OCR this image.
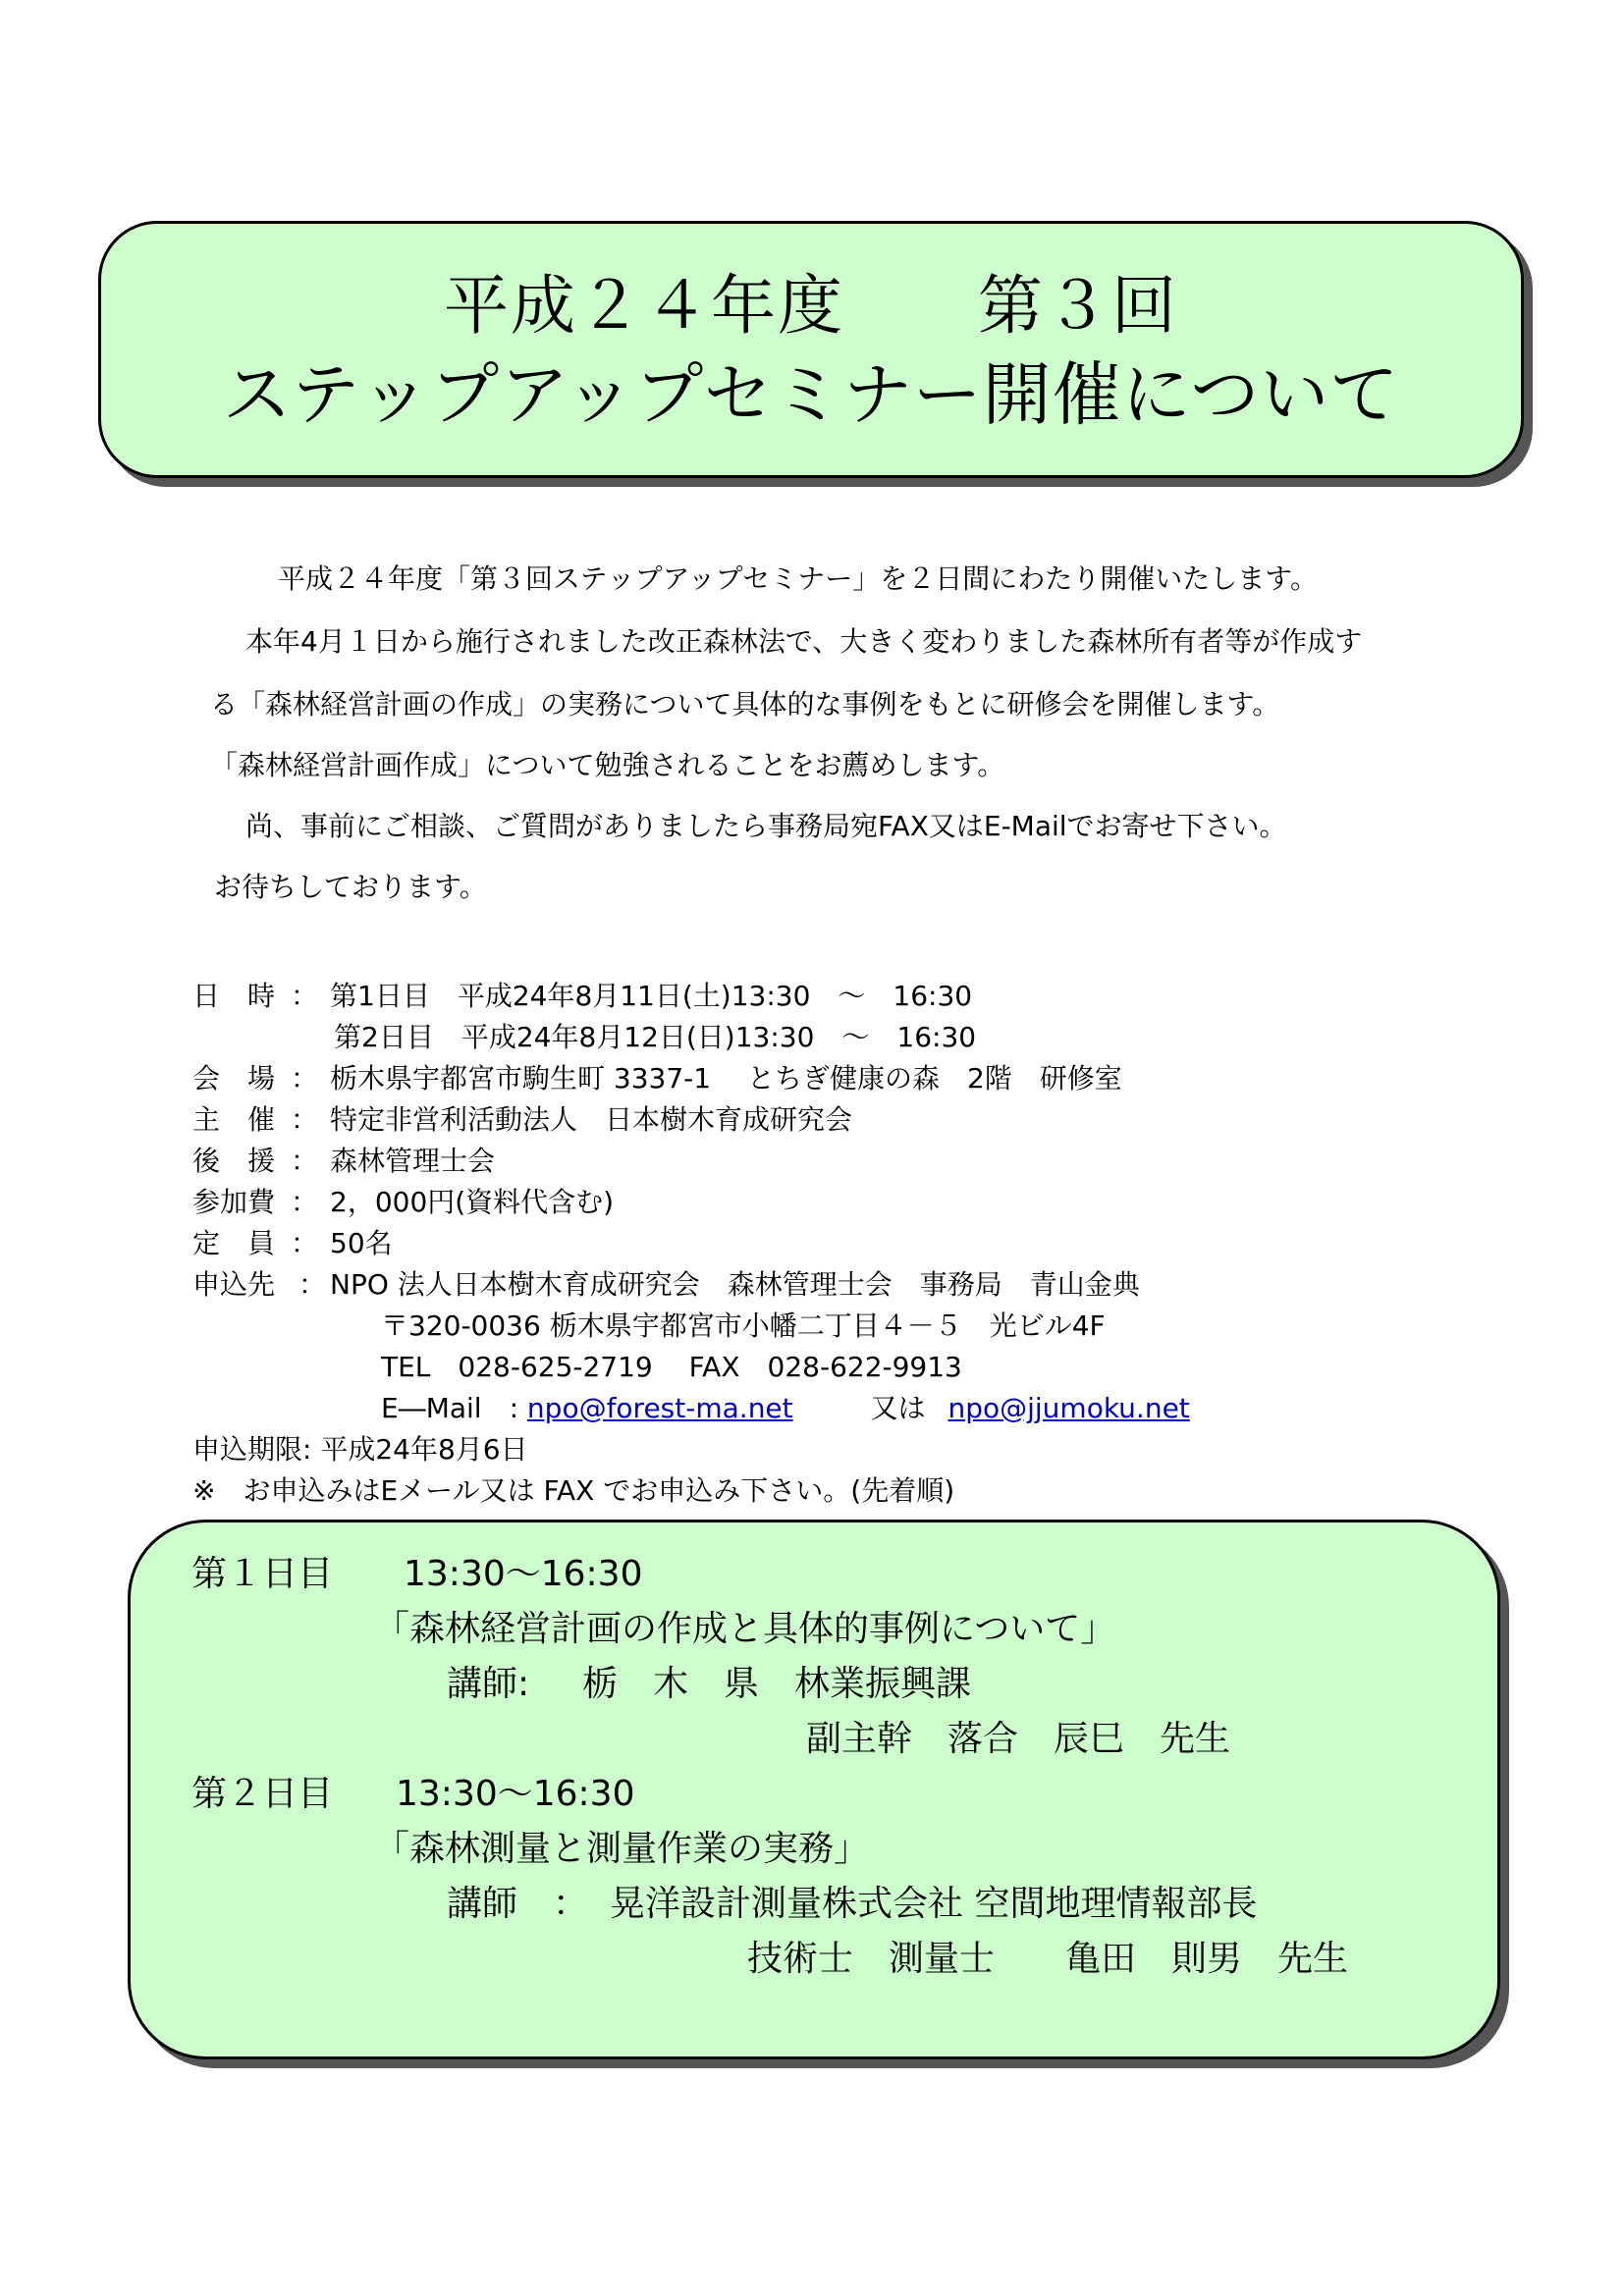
平成２４年度　　第３回
ステップアップセミナー開催について
平成２４年度「第３回ステップアップセミナー」を２日間にわたり開催いたします。
本年4月１日から施行されました改正森林法で、大きく変わりました森林所有者等が作成す
る「森林経営計画の作成」の実務について具体的な事例をもとに研修会を開催します。
「森林経営計画作成」について勉強されることをお薦めします。
尚、事前にご相談、ご質問がありましたら事務局宛FAX又はE-Mailでお寄せ下さい。
お待ちしております。
日　時 ： 第1日目　平成24年8月11日(土)13:30　～　16:30
第2日目　平成24年8月12日(日)13:30　～　16:30
会　場 ： 栃木県宇都宮市駒生町 3337-1　 とちぎ健康の森　2階　研修室
主　催 ： 特定非営利活動法人　日本樹木育成研究会
後　援 ： 森林管理士会
参加費 ： 2，000円(資料代含む)
定　員 ： 50名
申込先 ： NPO 法人日本樹木育成研究会　森林管理士会　事務局　青山金典
〒320-0036 栃木県宇都宮市小幡二丁目４－５　光ビル4F
TEL　028-625-2719　 FAX　028-622-9913
E―Mail　: npo@forest-ma.net	又は npo@jjumoku.net
申込期限: 平成24年8月6日
※　お申込みはEメール又は FAX でお申込み下さい。(先着順)
第１日目 13:30～16:30
「森林経営計画の作成と具体的事例について」
講師: 栃　木　県　林業振興課
副主幹　落合　辰巳　先生
第２日目 13:30～16:30
「森林測量と測量作業の実務」
講師　： 晃洋設計測量株式会社 空間地理情報部長
技術士　測量士　　亀田　則男　先生
